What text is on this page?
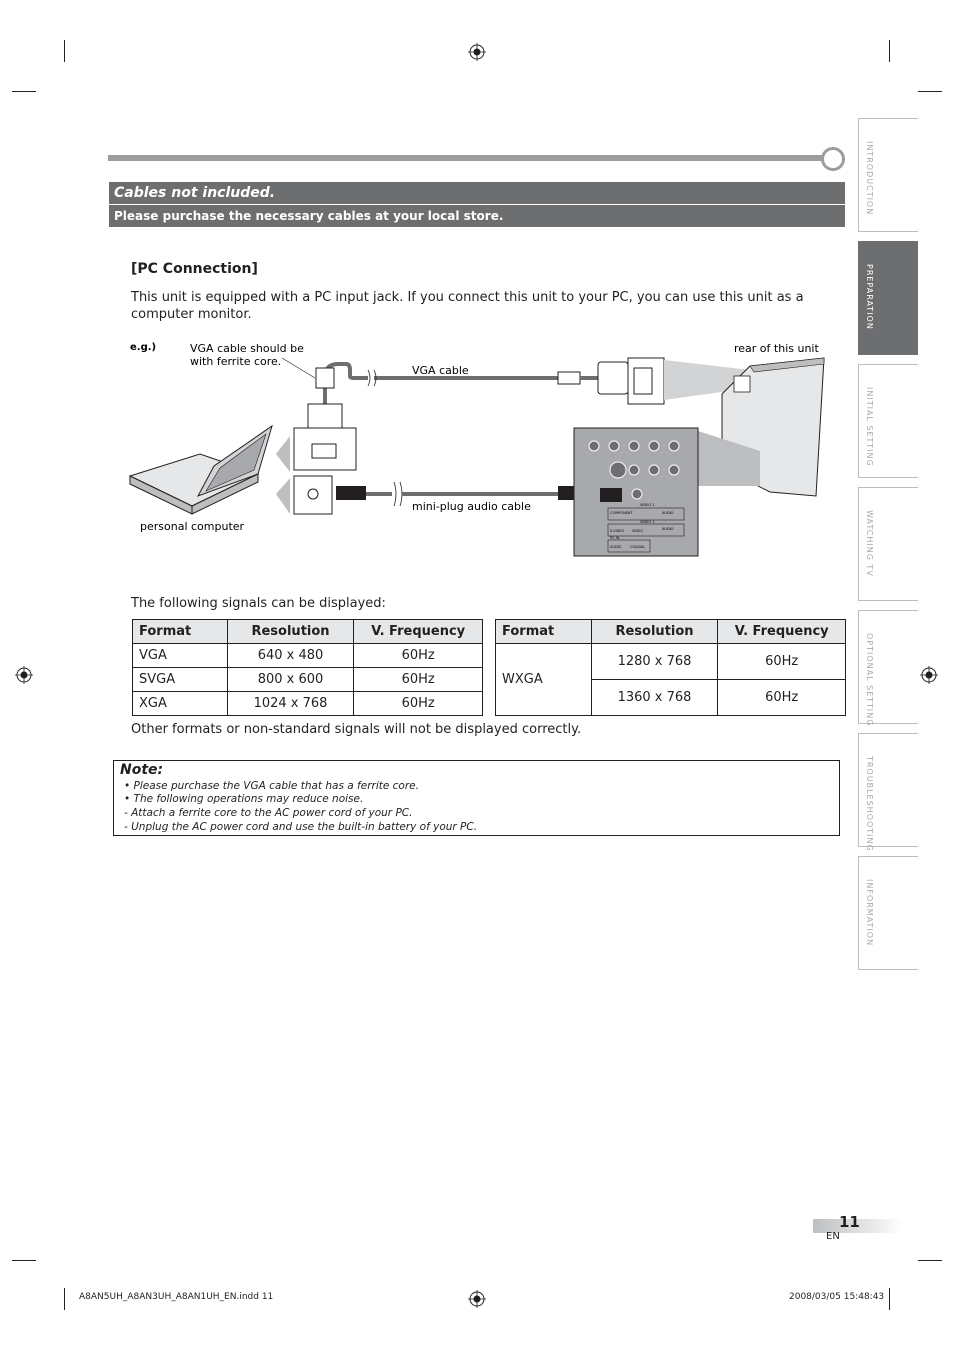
Cables not included.
Please purchase the necessary cables at your local store.
[PC Connection]
This unit is equipped with a PC input jack. If you connect this unit to your PC, you can use this unit as a computer monitor.
e.g.)	VGA cable should be
with ferrite core.
VGA cable
rear of this unit
mini-plug audio cable
personal computer
COMPONENT
VIDEO 2
AUDIO
VIDEO 1
S-VIDEO VIDEO	AUDIO
PC IN
AUDIO COAXIAL
The following signals can be displayed:
Format	Resolution	V. Frequency
VGA	640 x 480	60Hz
SVGA	800 x 600	60Hz
XGA	1024 x 768	60Hz
Format	Resolution	V. Frequency
WXGA	1280 x 768	60Hz
	1360 x 768	60Hz
Other formats or non-standard signals will not be displayed correctly.
Note:
• Please purchase the VGA cable that has a ferrite core.
• The following operations may reduce noise.
- Attach a ferrite core to the AC power cord of your PC.
- Unplug the AC power cord and use the built-in battery of your PC.
INTRODUCTION
PREPARATION
INITIAL SETTING
WATCHING TV
OPTIONAL SETTING
TROUBLESHOOTING
INFORMATION
11
EN
A8AN5UH_A8AN3UH_A8AN1UH_EN.indd 11	2008/03/05 15:48:43
